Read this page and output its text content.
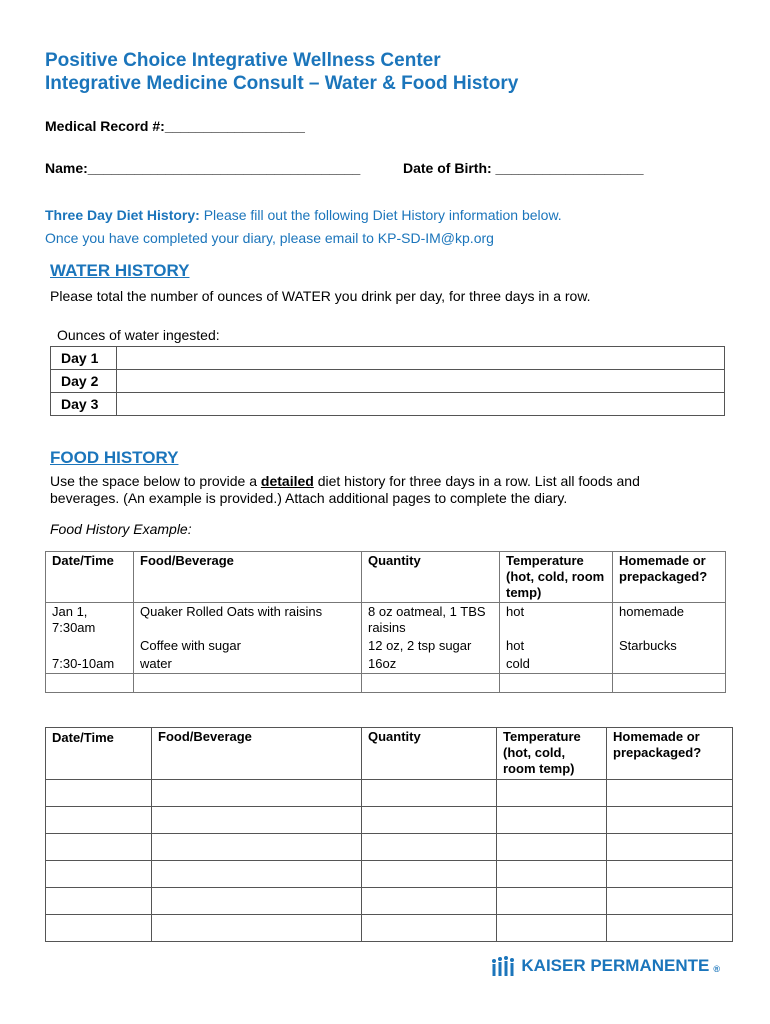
Positive Choice Integrative Wellness Center
Integrative Medicine Consult – Water & Food History
Medical Record #:__________________
Name:___________________________________	Date of Birth: ___________________
Three Day Diet History: Please fill out the following Diet History information below.
Once you have completed your diary, please email to KP-SD-IM@kp.org
WATER HISTORY
Please total the number of ounces of WATER you drink per day, for three days in a row.
Ounces of water ingested:
Day 1	
Day 2	
Day 3	
FOOD HISTORY
Use the space below to provide a detailed diet history for three days in a row. List all foods and beverages. (An example is provided.) Attach additional pages to complete the diary.
Food History Example:
Date/Time	Food/Beverage	Quantity	Temperature (hot, cold, room temp)	Homemade or prepackaged?
Jan 1, 7:30am	Quaker Rolled Oats with raisins	8 oz oatmeal, 1 TBS raisins	hot	homemade
	Coffee with sugar	12 oz, 2 tsp sugar	hot	Starbucks
7:30-10am	water	16oz	cold	

Date/Time	Food/Beverage	Quantity	Temperature (hot, cold, room temp)	Homemade or prepackaged?

KAISER PERMANENTE ®
